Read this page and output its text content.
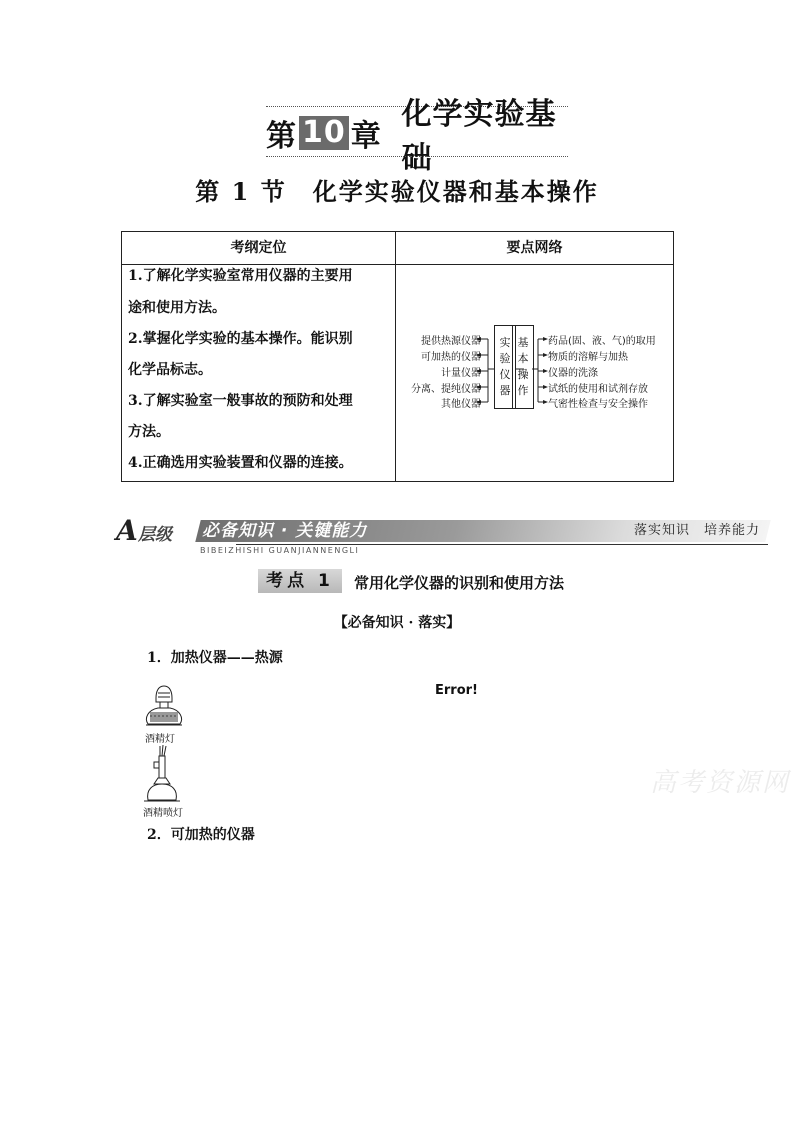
第 10 章
化学实验基础
第 1 节　化学实验仪器和基本操作
考纲定位	要点网络
1.了解化学实验室常用仪器的主要用
途和使用方法。
2.掌握化学实验的基本操作。能识别
化学品标志。
3.了解实验室一般事故的预防和处理
方法。
4.正确选用实验装置和仪器的连接。
提供热源仪器
可加热的仪器
计量仪器
分离、提纯仪器
其他仪器
实
验
仪
器
基
本
操
作
药品(固、液、气)的取用
物质的溶解与加热
仪器的洗涤
试纸的使用和试剂存放
气密性检查与安全操作
A 层级 必备知识 · 关键能力	落实知识　培养能力
BIBEIZHISHI GUANJIANNENGLI
考点 1	常用化学仪器的识别和使用方法
【必备知识 · 落实】
1．加热仪器——热源
Error!
酒精灯
酒精喷灯
高考资源网
2．可加热的仪器
